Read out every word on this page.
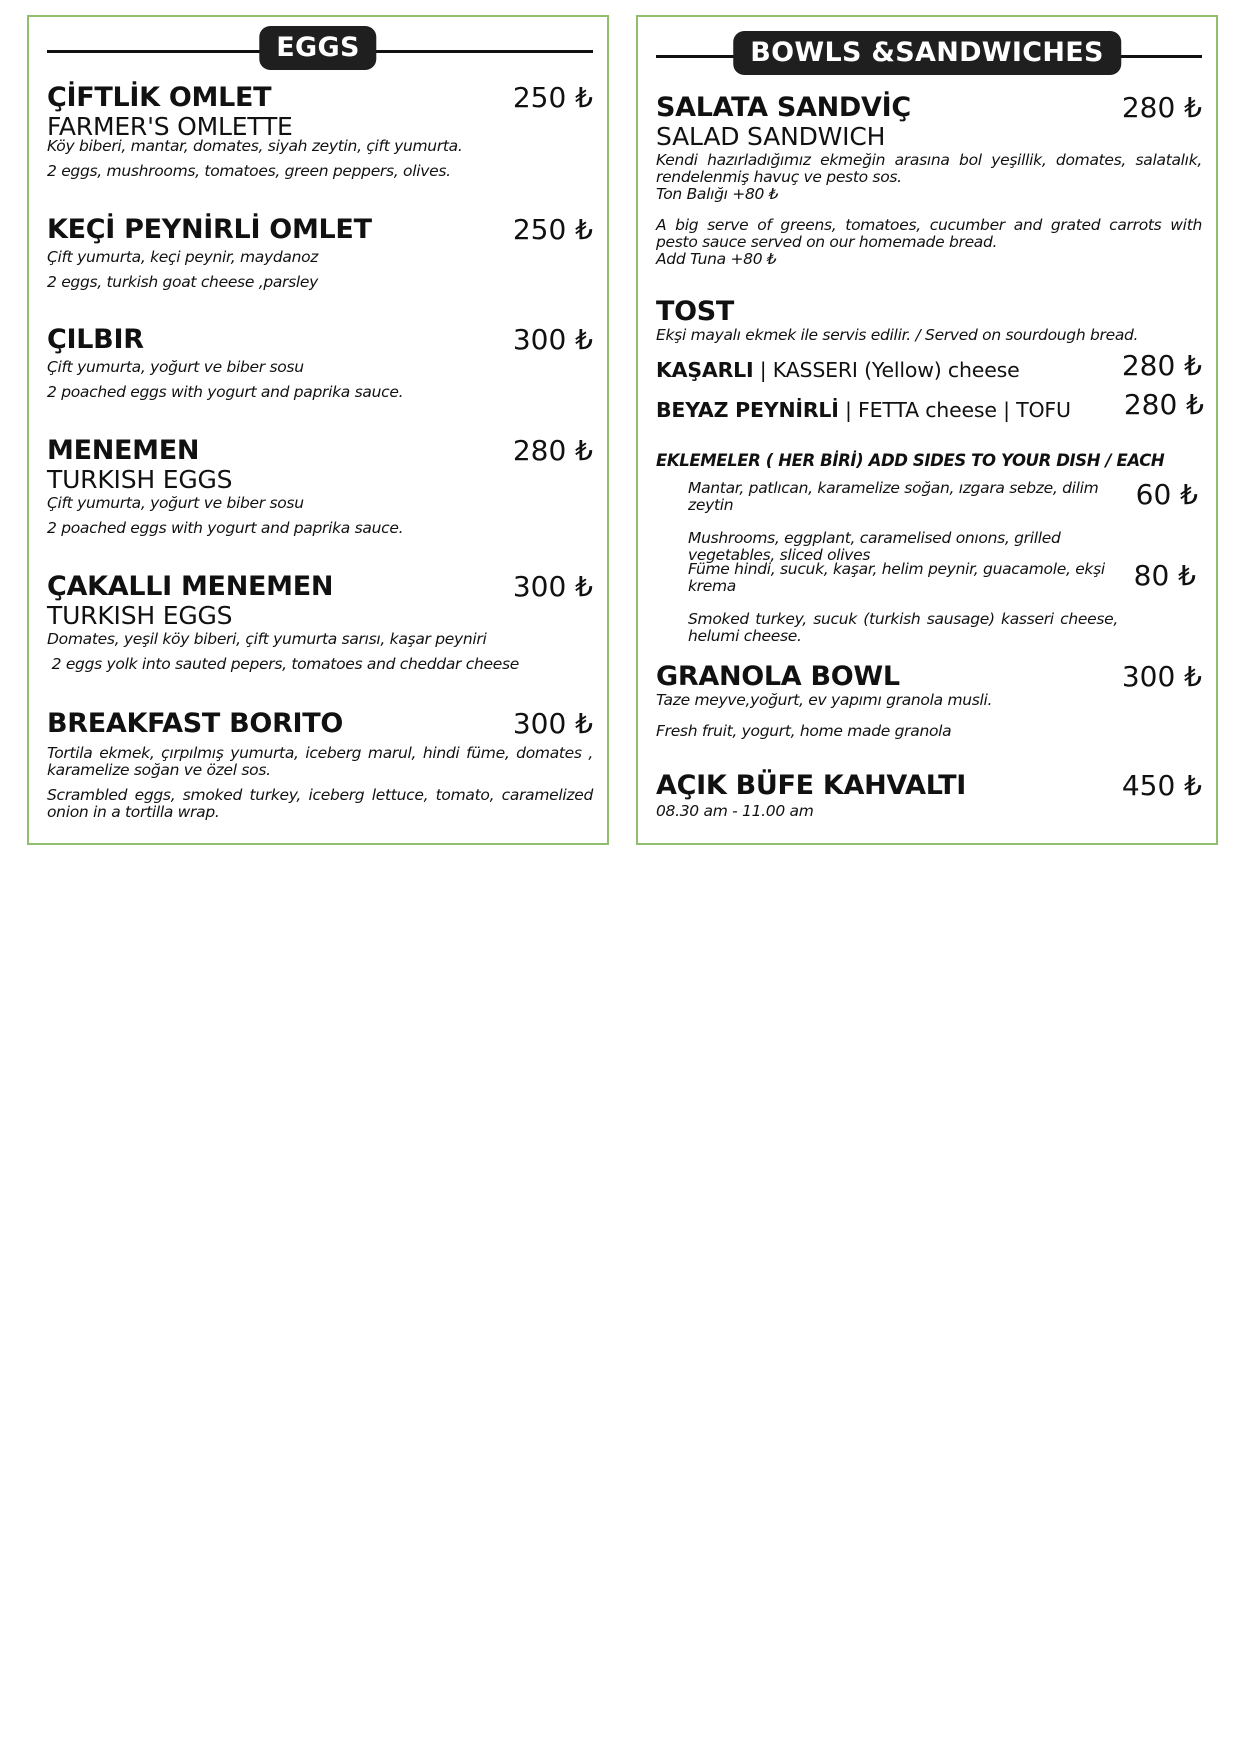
EGGS
ÇİFTLİK OMLET
FARMER'S OMLETTE
250 ₺
Köy biberi, mantar, domates, siyah zeytin, çift yumurta.
2 eggs, mushrooms, tomatoes, green peppers, olives.
KEÇİ PEYNİRLİ OMLET	250 ₺
Çift yumurta, keçi peynir, maydanoz
2 eggs, turkish goat cheese ,parsley
ÇILBIR	300 ₺
Çift yumurta, yoğurt ve biber sosu
2 poached eggs with yogurt and paprika sauce.
MENEMEN
TURKISH EGGS
280 ₺
Çift yumurta, yoğurt ve biber sosu
2 poached eggs with yogurt and paprika sauce.
ÇAKALLI MENEMEN
TURKISH EGGS
300 ₺
Domates, yeşil köy biberi, çift yumurta sarısı, kaşar peyniri
2 eggs yolk into sauted pepers, tomatoes and cheddar cheese
BREAKFAST BORITO	300 ₺
Tortila ekmek, çırpılmış yumurta, iceberg marul, hindi füme, domates , karamelize soğan ve özel sos.
Scrambled eggs, smoked turkey, iceberg lettuce, tomato, caramelized onion in a tortilla wrap.
BOWLS &SANDWICHES
SALATA SANDVİÇ
SALAD SANDWICH
280 ₺
Kendi hazırladığımız ekmeğin arasına bol yeşillik, domates, salatalık, rendelenmiş havuç ve pesto sos.
Ton Balığı +80 ₺
A big serve of greens, tomatoes, cucumber and grated carrots with pesto sauce served on our homemade bread.
Add Tuna +80 ₺
TOST
Ekşi mayalı ekmek ile servis edilir. / Served on sourdough bread.
KAŞARLI | KASSERI (Yellow) cheese	280 ₺
BEYAZ PEYNİRLİ | FETTA cheese | TOFU 280 ₺
EKLEMELER ( HER BİRİ) ADD SIDES TO YOUR DISH / EACH
Mantar, patlıcan, karamelize soğan, ızgara sebze, dilim zeytin
Mushrooms, eggplant, caramelised onıons, grilled vegetables, sliced olives
60 ₺
Füme hindi, sucuk, kaşar, helim peynir, guacamole, ekşi krema
Smoked turkey, sucuk (turkish sausage) kasseri cheese, helumi cheese.
80 ₺
GRANOLA BOWL	300 ₺
Taze meyve,yoğurt, ev yapımı granola musli.
Fresh fruit, yogurt, home made granola
AÇIK BÜFE KAHVALTI	450 ₺
08.30 am - 11.00 am
